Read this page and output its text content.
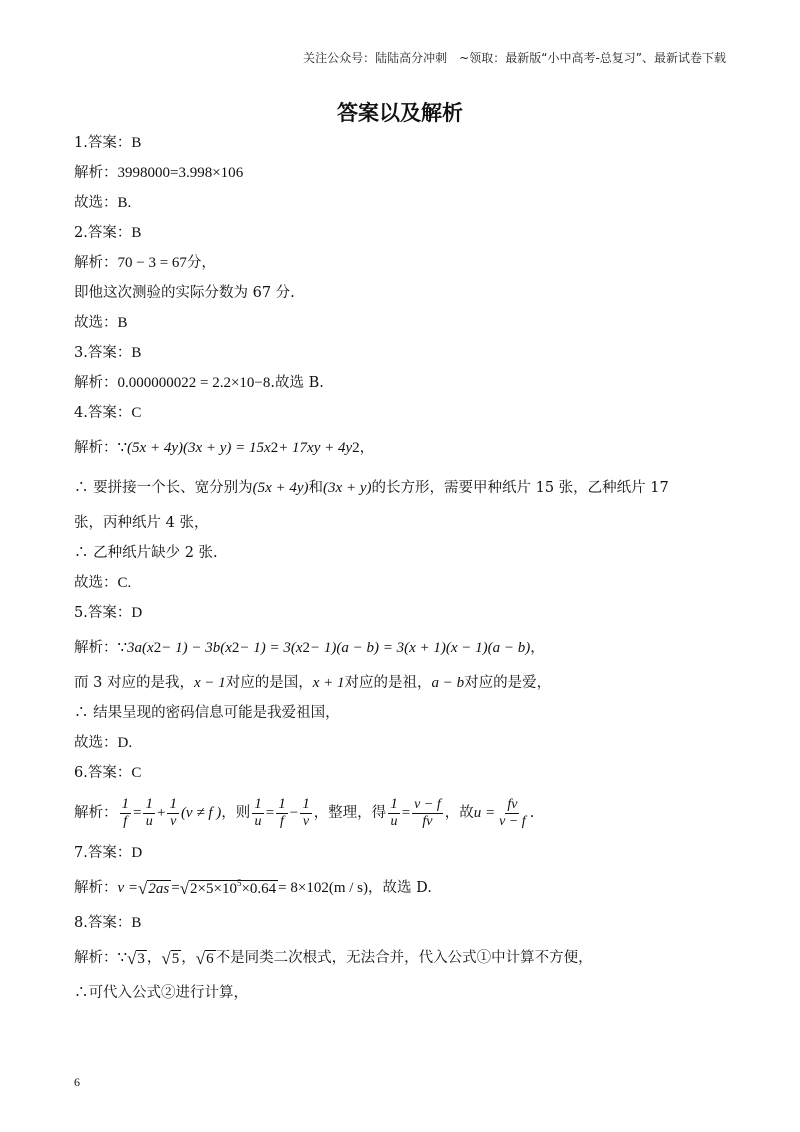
关注公众号：陆陆高分冲刺　~领取：最新版“小中高考-总复习”、最新试卷下载
答案以及解析
1. 答案： B
解析： 3998000 = 3.998×10 6
故选： B.
2. 答案： B
解析： 70 − 3 = 67 分，
即他这次测验的实际分数为 67 分.
故选： B
3. 答案： B
解析： 0.000000022 = 2.2×10 −8 .故选 B.
4. 答案： C
解析： ∵ (5x + 4y)(3x + y) = 15x 2 + 17xy + 4y 2 ，
∴ 要拼接一个长、宽分别为 (5x + 4y) 和 (3x + y) 的长方形，需要甲种纸片 15 张，乙种纸片 17
张，丙种纸片 4 张，
∴ 乙种纸片缺少 2 张.
故选： C.
5. 答案： D
解析： ∵ 3a(x 2 − 1) − 3b(x 2 − 1) = 3(x 2 − 1)(a − b) = 3(x + 1)(x − 1)(a − b) ，
而 3 对应的是我， x − 1 对应的是国， x + 1 对应的是祖， a − b 对应的是爱，
∴ 结果呈现的密码信息可能是我爱祖国，
故选： D.
6. 答案： C
解析： $\frac{1}{f} = \frac{1}{u} + \frac{1}{v} (v \ne f$ ) ，则 $\frac{1}{u} = \frac{1}{f} - \frac{1}{v}$ ，整理，得 $\frac{1}{u} = \frac{v - f}{fv}$ ，故 $u = \frac{fv}{v - f}$ .
7. 答案： D
解析： v = √ 2as = √ $2\times 5\times 10^5\times 0.64 = 8\times 10$ 2 (m / s) ，故选 D.
8. 答案： B
解析： ∵ √ 3 ， √ 5 ， √ 6 不是同类二次根式，无法合并，代入公式①中计算不方便，
∴可代入公式②进行计算，
6
